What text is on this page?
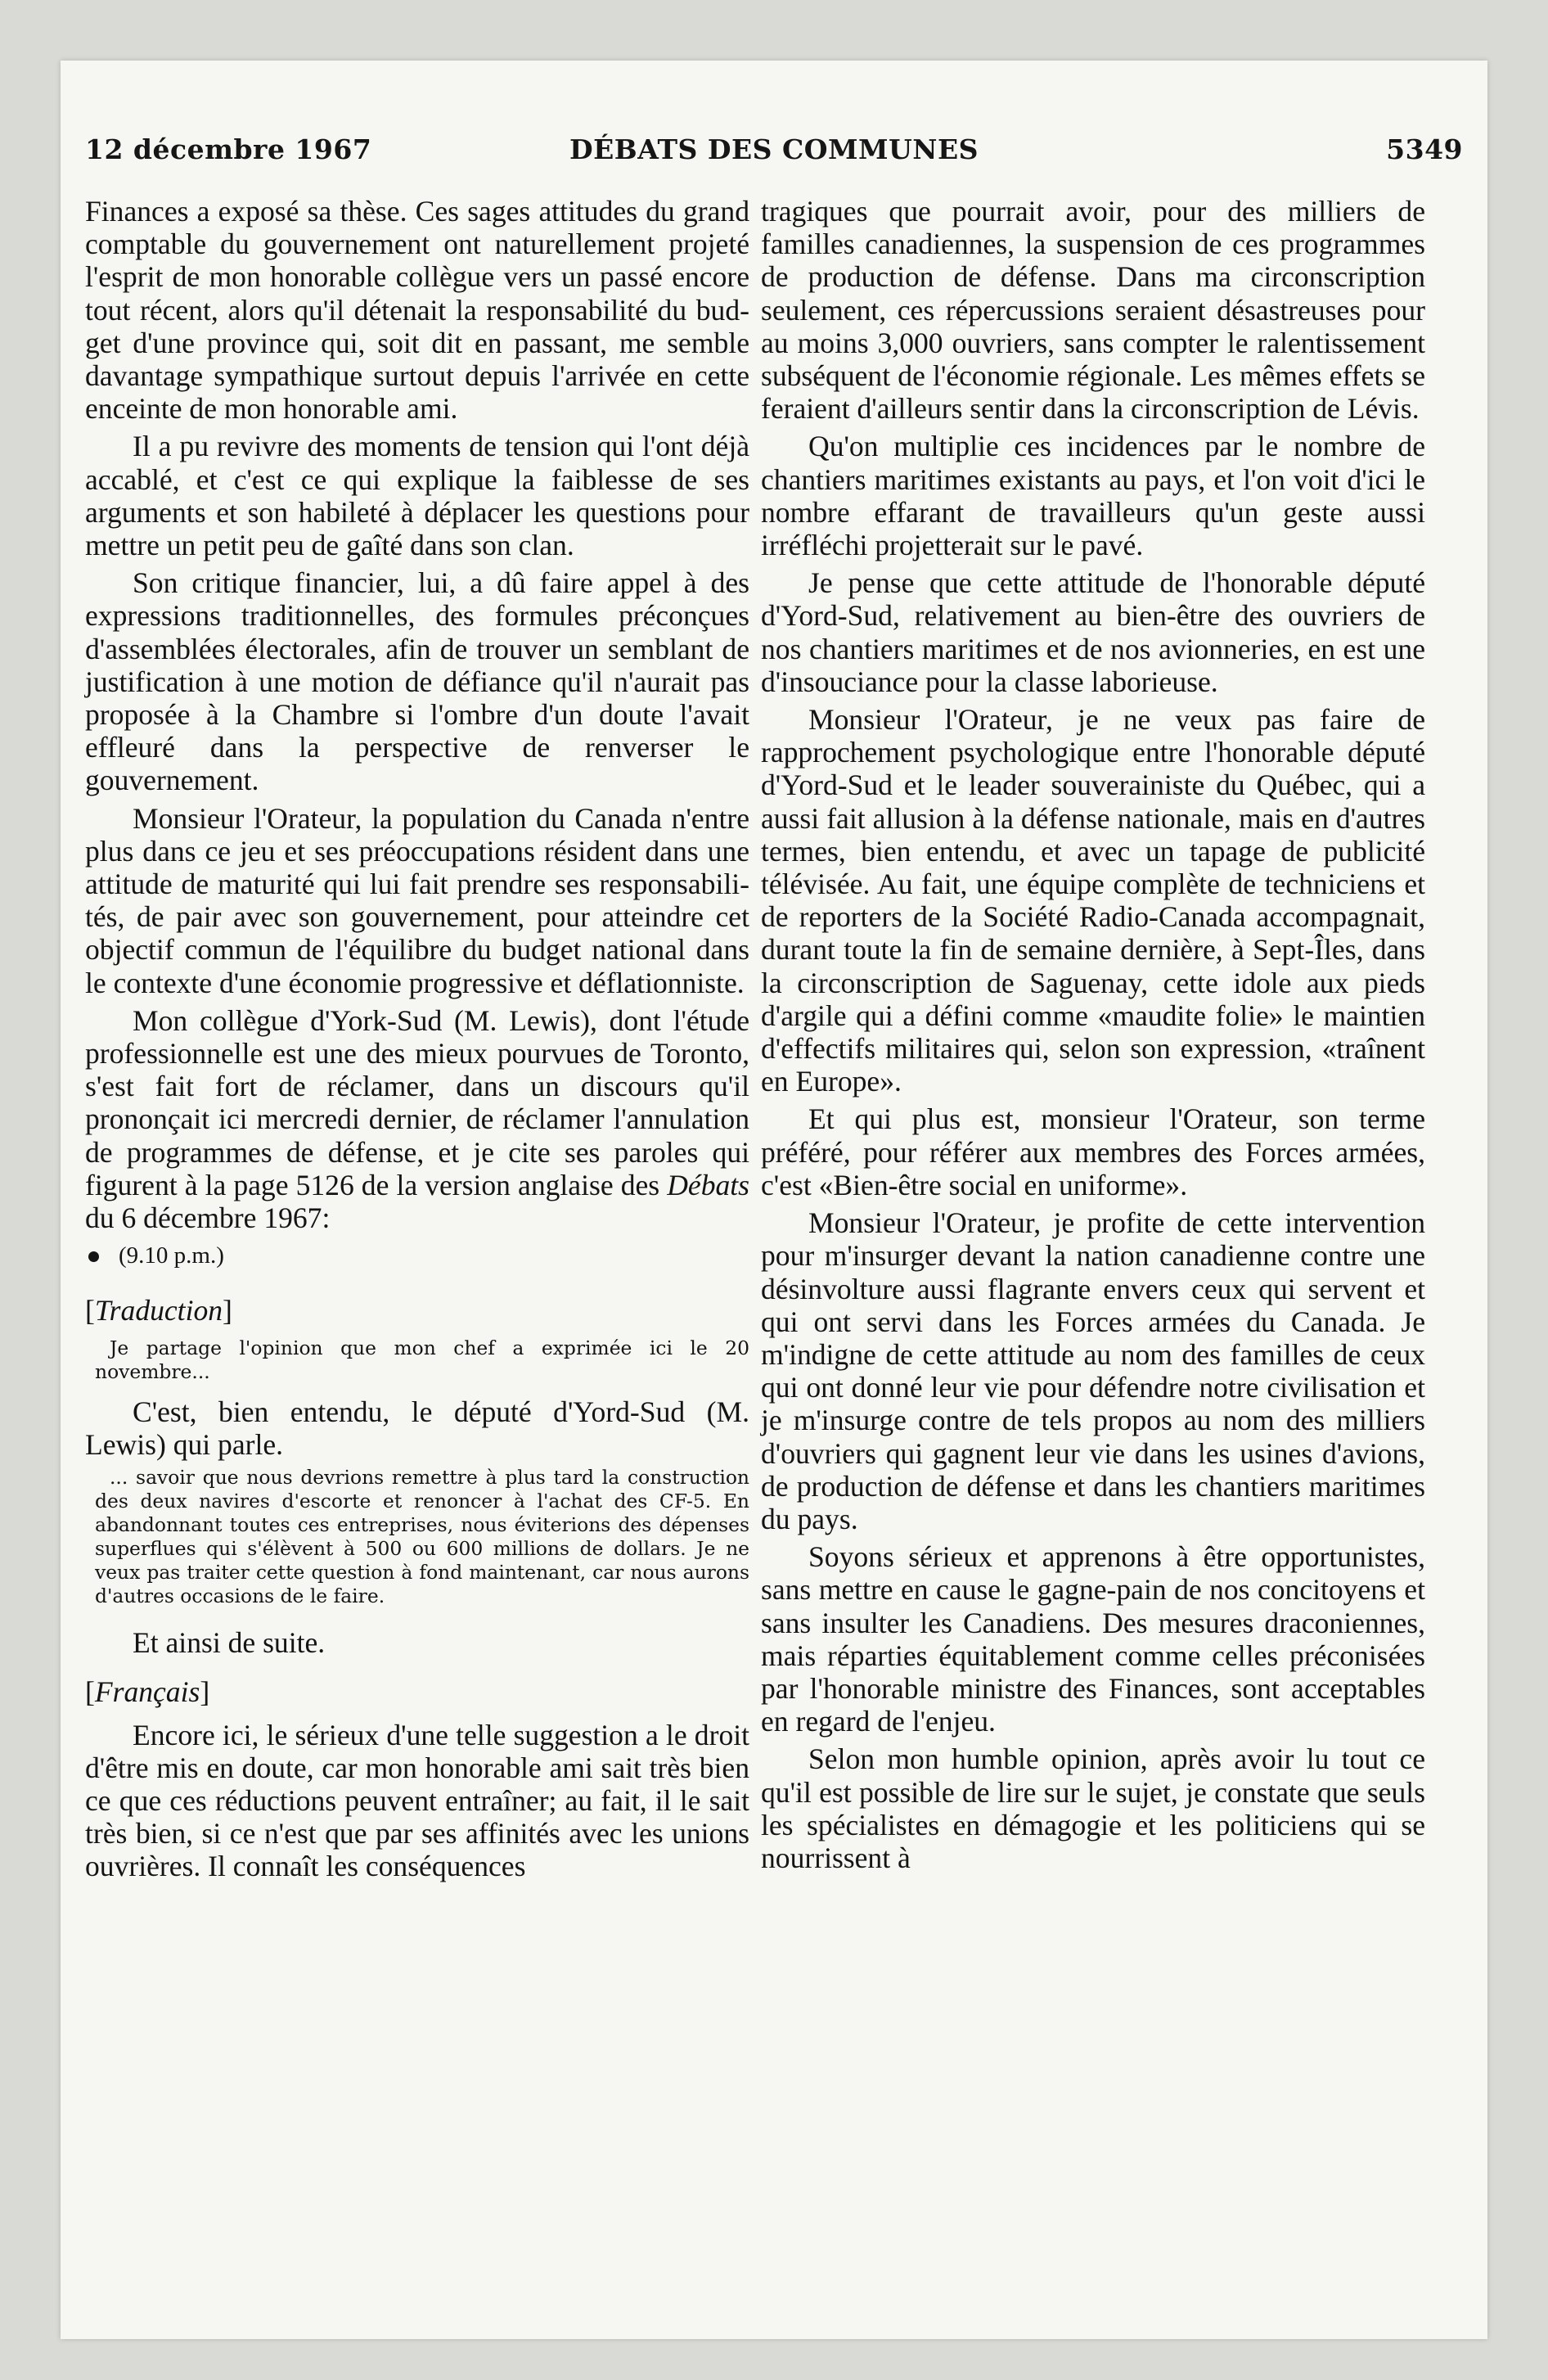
12 décembre 1967	DÉBATS DES COMMUNES	5349

Finances a exposé sa thèse. Ces sages attitudes du grand comptable du gouvernement ont naturellement projeté l'esprit de mon honorable collègue vers un passé encore tout récent, alors qu'il détenait la responsabilité du budget d'une province qui, soit dit en passant, me semble davantage sympathique surtout depuis l'arrivée en cette enceinte de mon honorable ami.

Il a pu revivre des moments de tension qui l'ont déjà accablé, et c'est ce qui explique la faiblesse de ses arguments et son habileté à déplacer les questions pour mettre un petit peu de gaîté dans son clan.

Son critique financier, lui, a dû faire appel à des expressions traditionnelles, des formules préconçues d'assemblées électorales, afin de trouver un semblant de justification à une motion de défiance qu'il n'aurait pas proposée à la Chambre si l'ombre d'un doute l'avait effleuré dans la perspective de renverser le gouvernement.

Monsieur l'Orateur, la population du Canada n'entre plus dans ce jeu et ses préoccupations résident dans une attitude de maturité qui lui fait prendre ses responsabilités, de pair avec son gouvernement, pour atteindre cet objectif commun de l'équilibre du budget national dans le contexte d'une économie progressive et déflationniste.

Mon collègue d'York-Sud (M. Lewis), dont l'étude professionnelle est une des mieux pourvues de Toronto, s'est fait fort de réclamer, dans un discours qu'il prononçait ici mercredi dernier, de réclamer l'annulation de programmes de défense, et je cite ses paroles qui figurent à la page 5126 de la version anglaise des Débats du 6 décembre 1967:

(9.10 p.m.)

[Traduction]

Je partage l'opinion que mon chef a exprimée ici le 20 novembre...

C'est, bien entendu, le député d'Yord-Sud (M. Lewis) qui parle.

... savoir que nous devrions remettre à plus tard la construction des deux navires d'escorte et renoncer à l'achat des CF-5. En abandonnant toutes ces entreprises, nous éviterions des dépenses superflues qui s'élèvent à 500 ou 600 millions de dollars. Je ne veux pas traiter cette question à fond maintenant, car nous aurons d'autres occasions de le faire.

Et ainsi de suite.

[Français]

Encore ici, le sérieux d'une telle suggestion a le droit d'être mis en doute, car mon honorable ami sait très bien ce que ces réductions peuvent entraîner; au fait, il le sait très bien, si ce n'est que par ses affinités avec les unions ouvrières. Il connaît les conséquences

tragiques que pourrait avoir, pour des milliers de familles canadiennes, la suspension de ces programmes de production de défense. Dans ma circonscription seulement, ces répercussions seraient désastreuses pour au moins 3,000 ouvriers, sans compter le ralentissement subséquent de l'économie régionale. Les mêmes effets se feraient d'ailleurs sentir dans la circonscription de Lévis.

Qu'on multiplie ces incidences par le nombre de chantiers maritimes existants au pays, et l'on voit d'ici le nombre effarant de travailleurs qu'un geste aussi irréfléchi projetterait sur le pavé.

Je pense que cette attitude de l'honorable député d'Yord-Sud, relativement au bien-être des ouvriers de nos chantiers maritimes et de nos avionneries, en est une d'insouciance pour la classe laborieuse.

Monsieur l'Orateur, je ne veux pas faire de rapprochement psychologique entre l'honorable député d'Yord-Sud et le leader souverainiste du Québec, qui a aussi fait allusion à la défense nationale, mais en d'autres termes, bien entendu, et avec un tapage de publicité télévisée. Au fait, une équipe complète de techniciens et de reporters de la Société Radio-Canada accompagnait, durant toute la fin de semaine dernière, à Sept-Îles, dans la circonscription de Saguenay, cette idole aux pieds d'argile qui a défini comme «maudite folie» le maintien d'effectifs militaires qui, selon son expression, «traînent en Europe».

Et qui plus est, monsieur l'Orateur, son terme préféré, pour référer aux membres des Forces armées, c'est «Bien-être social en uniforme».

Monsieur l'Orateur, je profite de cette intervention pour m'insurger devant la nation canadienne contre une désinvolture aussi flagrante envers ceux qui servent et qui ont servi dans les Forces armées du Canada. Je m'indigne de cette attitude au nom des familles de ceux qui ont donné leur vie pour défendre notre civilisation et je m'insurge contre de tels propos au nom des milliers d'ouvriers qui gagnent leur vie dans les usines d'avions, de production de défense et dans les chantiers maritimes du pays.

Soyons sérieux et apprenons à être opportunistes, sans mettre en cause le gagne-pain de nos concitoyens et sans insulter les Canadiens. Des mesures draconiennes, mais réparties équitablement comme celles préconisées par l'honorable ministre des Finances, sont acceptables en regard de l'enjeu.

Selon mon humble opinion, après avoir lu tout ce qu'il est possible de lire sur le sujet, je constate que seuls les spécialistes en démagogie et les politiciens qui se nourrissent à
